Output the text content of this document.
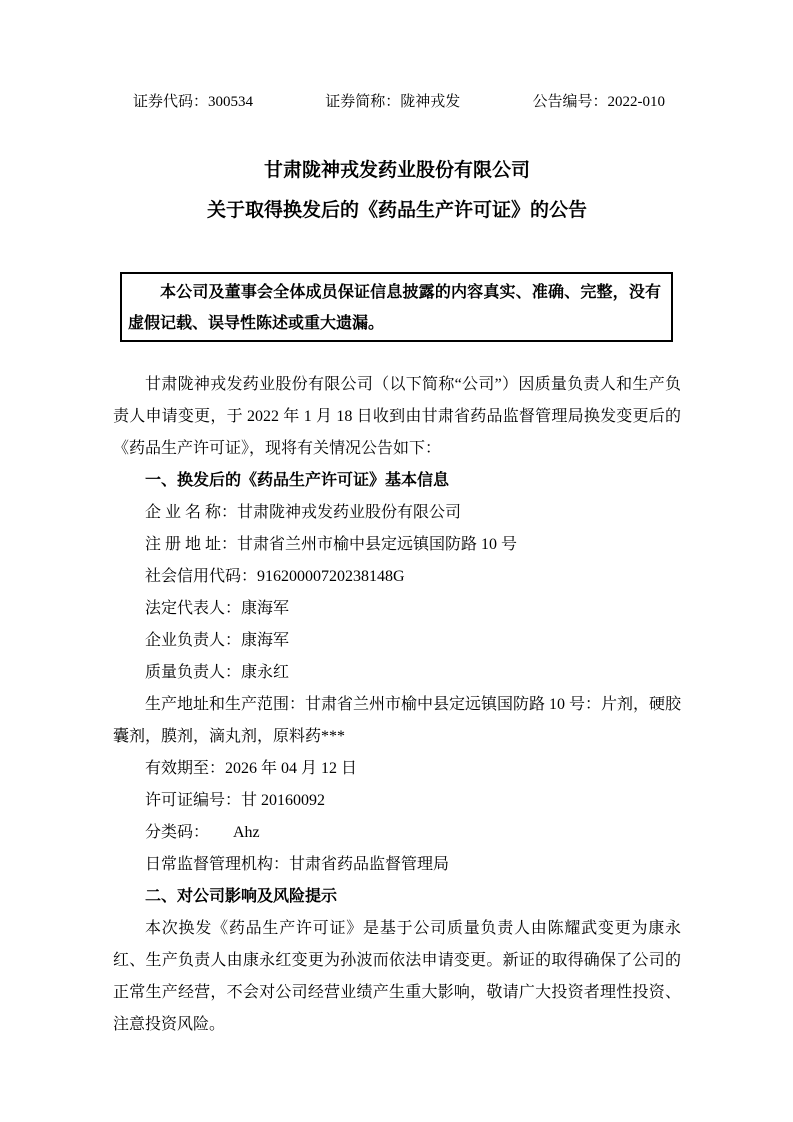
证券代码：300534	证券简称：陇神戎发	公告编号：2022-010

甘肃陇神戎发药业股份有限公司

关于取得换发后的《药品生产许可证》的公告

本公司及董事会全体成员保证信息披露的内容真实、准确、完整，没有虚假记载、误导性陈述或重大遗漏。

甘肃陇神戎发药业股份有限公司（以下简称“公司”）因质量负责人和生产负责人申请变更，于 2022 年 1 月 18 日收到由甘肃省药品监督管理局换发变更后的《药品生产许可证》，现将有关情况公告如下：

一、换发后的《药品生产许可证》基本信息

企 业 名 称：甘肃陇神戎发药业股份有限公司

注 册 地 址：甘肃省兰州市榆中县定远镇国防路 10 号

社会信用代码：91620000720238148G

法定代表人：康海军

企业负责人：康海军

质量负责人：康永红

生产地址和生产范围：甘肃省兰州市榆中县定远镇国防路 10 号：片剂，硬胶囊剂，膜剂，滴丸剂，原料药***

有效期至：2026 年 04 月 12 日

许可证编号：甘 20160092

分类码：　　Ahz

日常监督管理机构：甘肃省药品监督管理局

二、对公司影响及风险提示

本次换发《药品生产许可证》是基于公司质量负责人由陈耀武变更为康永红、生产负责人由康永红变更为孙波而依法申请变更。新证的取得确保了公司的正常生产经营，不会对公司经营业绩产生重大影响，敬请广大投资者理性投资、注意投资风险。
